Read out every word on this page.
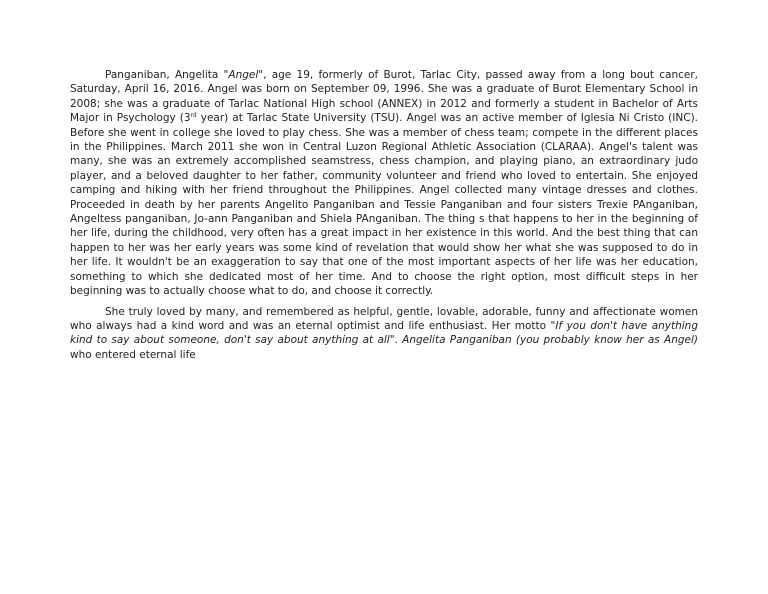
Panganiban, Angelita "Angel", age 19, formerly of Burot, Tarlac City, passed away from a long bout cancer, Saturday, April 16, 2016. Angel was born on September 09, 1996. She was a graduate of Burot Elementary School in 2008; she was a graduate of Tarlac National High school (ANNEX) in 2012 and formerly a student in Bachelor of Arts Major in Psychology (3rd year) at Tarlac State University (TSU). Angel was an active member of Iglesia Ni Cristo (INC). Before she went in college she loved to play chess. She was a member of chess team; compete in the different places in the Philippines. March 2011 she won in Central Luzon Regional Athletic Association (CLARAA). Angel's talent was many, she was an extremely accomplished seamstress, chess champion, and playing piano, an extraordinary judo player, and a beloved daughter to her father, community volunteer and friend who loved to entertain. She enjoyed camping and hiking with her friend throughout the Philippines. Angel collected many vintage dresses and clothes. Proceeded in death by her parents Angelito Panganiban and Tessie Panganiban and four sisters Trexie PAnganiban, Angeltess panganiban, Jo-ann Panganiban and Shiela PAnganiban. The thing s that happens to her in the beginning of her life, during the childhood, very often has a great impact in her existence in this world. And the best thing that can happen to her was her early years was some kind of revelation that would show her what she was supposed to do in her life. It wouldn't be an exaggeration to say that one of the most important aspects of her life was her education, something to which she dedicated most of her time. And to choose the right option, most difficult steps in her beginning was to actually choose what to do, and choose it correctly.

She truly loved by many, and remembered as helpful, gentle, lovable, adorable, funny and affectionate women who always had a kind word and was an eternal optimist and life enthusiast. Her motto "If you don't have anything kind to say about someone, don't say about anything at all". Angelita Panganiban (you probably know her as Angel) who entered eternal life
